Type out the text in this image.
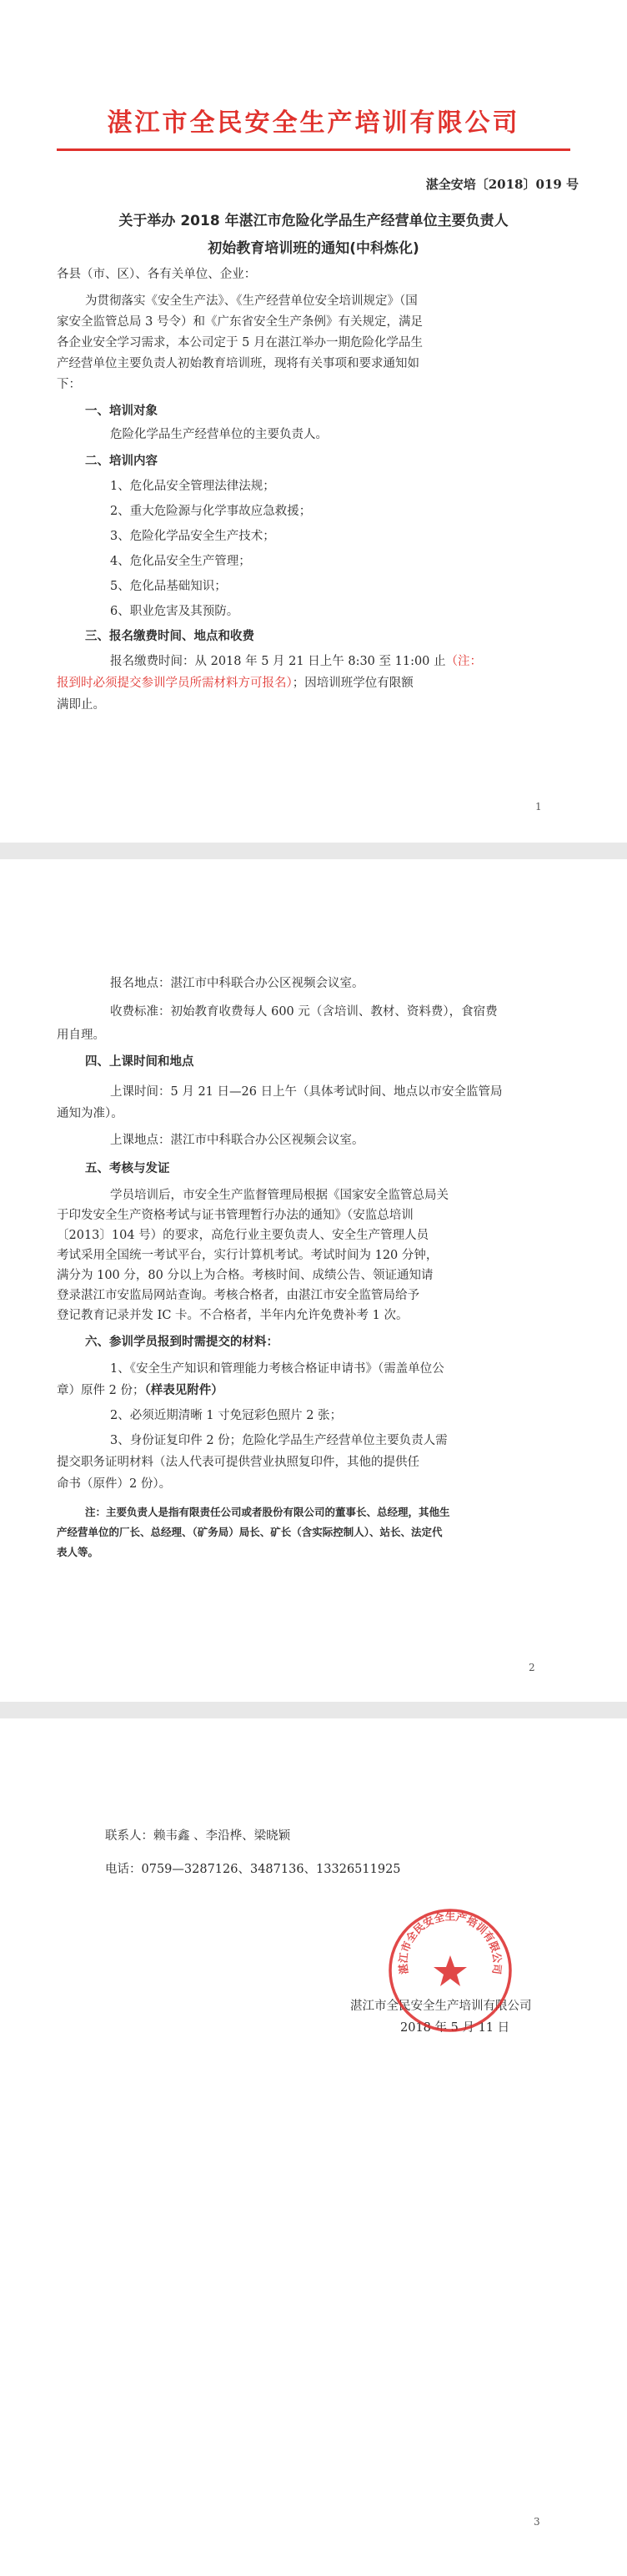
湛江市全民安全生产培训有限公司
湛全安培〔2018〕019 号
关于举办 2018 年湛江市危险化学品生产经营单位主要负责人
初始教育培训班的通知(中科炼化)
各县（市、区）、各有关单位、企业：
为贯彻落实《安全生产法》、《生产经营单位安全培训规定》（国
家安全监管总局 3 号令）和《广东省安全生产条例》有关规定，满足
各企业安全学习需求，本公司定于 5 月在湛江举办一期危险化学品生
产经营单位主要负责人初始教育培训班，现将有关事项和要求通知如
下：
一、培训对象
危险化学品生产经营单位的主要负责人。
二、培训内容
1、危化品安全管理法律法规；
2、重大危险源与化学事故应急救援；
3、危险化学品安全生产技术；
4、危化品安全生产管理；
5、危化品基础知识；
6、职业危害及其预防。
三、报名缴费时间、地点和收费
报名缴费时间：从 2018 年 5 月 21 日上午 8:30 至 11:00 止（注：
报到时必须提交参训学员所需材料方可报名）；因培训班学位有限额
满即止。
1
报名地点：湛江市中科联合办公区视频会议室。
收费标准：初始教育收费每人 600 元（含培训、教材、资料费），食宿费
用自理。
四、上课时间和地点
上课时间：5 月 21 日—26 日上午（具体考试时间、地点以市安全监管局
通知为准）。
上课地点：湛江市中科联合办公区视频会议室。
五、考核与发证
学员培训后，市安全生产监督管理局根据《国家安全监管总局关
于印发安全生产资格考试与证书管理暂行办法的通知》（安监总培训
〔2013〕104 号）的要求，高危行业主要负责人、安全生产管理人员
考试采用全国统一考试平台，实行计算机考试。考试时间为 120 分钟，
满分为 100 分，80 分以上为合格。考核时间、成绩公告、领证通知请
登录湛江市安监局网站查询。考核合格者，由湛江市安全监管局给予
登记教育记录并发 IC 卡。不合格者，半年内允许免费补考 1 次。
六、参训学员报到时需提交的材料：
1、《安全生产知识和管理能力考核合格证申请书》（需盖单位公
章）原件 2 份；（样表见附件）
2、必须近期清晰 1 寸免冠彩色照片 2 张；
3、身份证复印件 2 份；危险化学品生产经营单位主要负责人需
提交职务证明材料（法人代表可提供营业执照复印件，其他的提供任
命书（原件）2 份）。
注：主要负责人是指有限责任公司或者股份有限公司的董事长、总经理，其他生
产经营单位的厂长、总经理、（矿务局）局长、矿长（含实际控制人）、站长、法定代
表人等。
2
联系人：赖韦鑫 、李沿桦、梁晓颖
电话：0759—3287126、3487136、13326511925
湛江市全民安全生产培训有限公司
2018 年 5 月 11 日
湛江市全民安全生产培训有限公司
3
